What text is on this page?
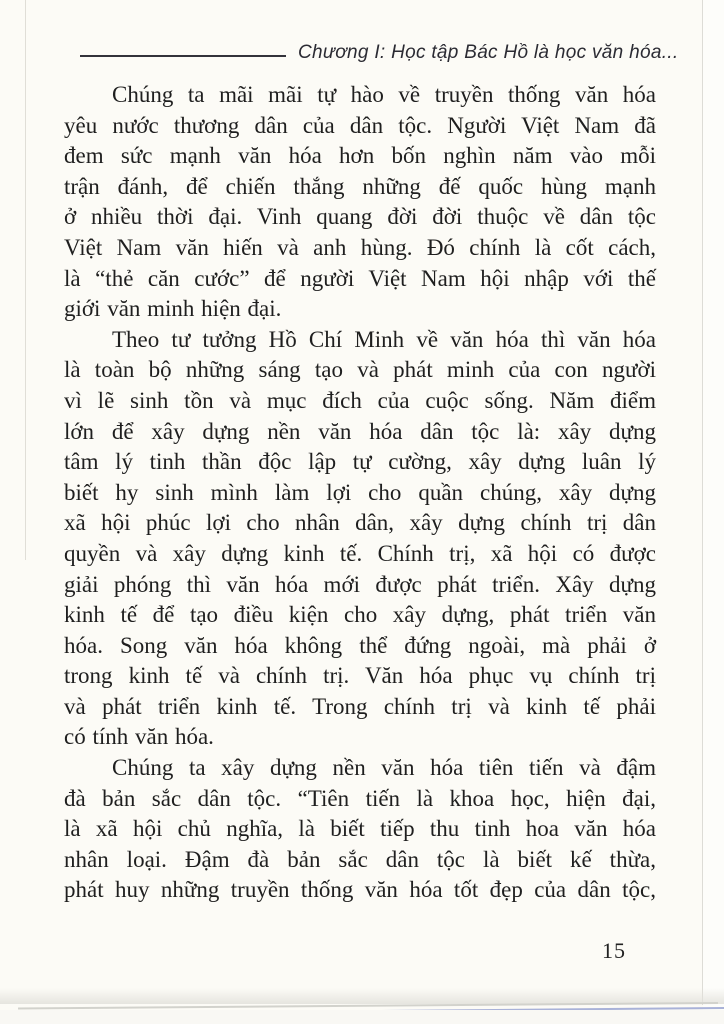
Chương I: Học tập Bác Hồ là học văn hóa...
Chúng ta mãi mãi tự hào về truyền thống văn hóa
yêu nước thương dân của dân tộc. Người Việt Nam đã
đem sức mạnh văn hóa hơn bốn nghìn năm vào mỗi
trận đánh, để chiến thắng những đế quốc hùng mạnh
ở nhiều thời đại. Vinh quang đời đời thuộc về dân tộc
Việt Nam văn hiến và anh hùng. Đó chính là cốt cách,
là “thẻ căn cước” để người Việt Nam hội nhập với thế
giới văn minh hiện đại.
Theo tư tưởng Hồ Chí Minh về văn hóa thì văn hóa
là toàn bộ những sáng tạo và phát minh của con người
vì lẽ sinh tồn và mục đích của cuộc sống. Năm điểm
lớn để xây dựng nền văn hóa dân tộc là: xây dựng
tâm lý tinh thần độc lập tự cường, xây dựng luân lý
biết hy sinh mình làm lợi cho quần chúng, xây dựng
xã hội phúc lợi cho nhân dân, xây dựng chính trị dân
quyền và xây dựng kinh tế. Chính trị, xã hội có được
giải phóng thì văn hóa mới được phát triển. Xây dựng
kinh tế để tạo điều kiện cho xây dựng, phát triển văn
hóa. Song văn hóa không thể đứng ngoài, mà phải ở
trong kinh tế và chính trị. Văn hóa phục vụ chính trị
và phát triển kinh tế. Trong chính trị và kinh tế phải
có tính văn hóa.
Chúng ta xây dựng nền văn hóa tiên tiến và đậm
đà bản sắc dân tộc. “Tiên tiến là khoa học, hiện đại,
là xã hội chủ nghĩa, là biết tiếp thu tinh hoa văn hóa
nhân loại. Đậm đà bản sắc dân tộc là biết kế thừa,
phát huy những truyền thống văn hóa tốt đẹp của dân tộc,
15
